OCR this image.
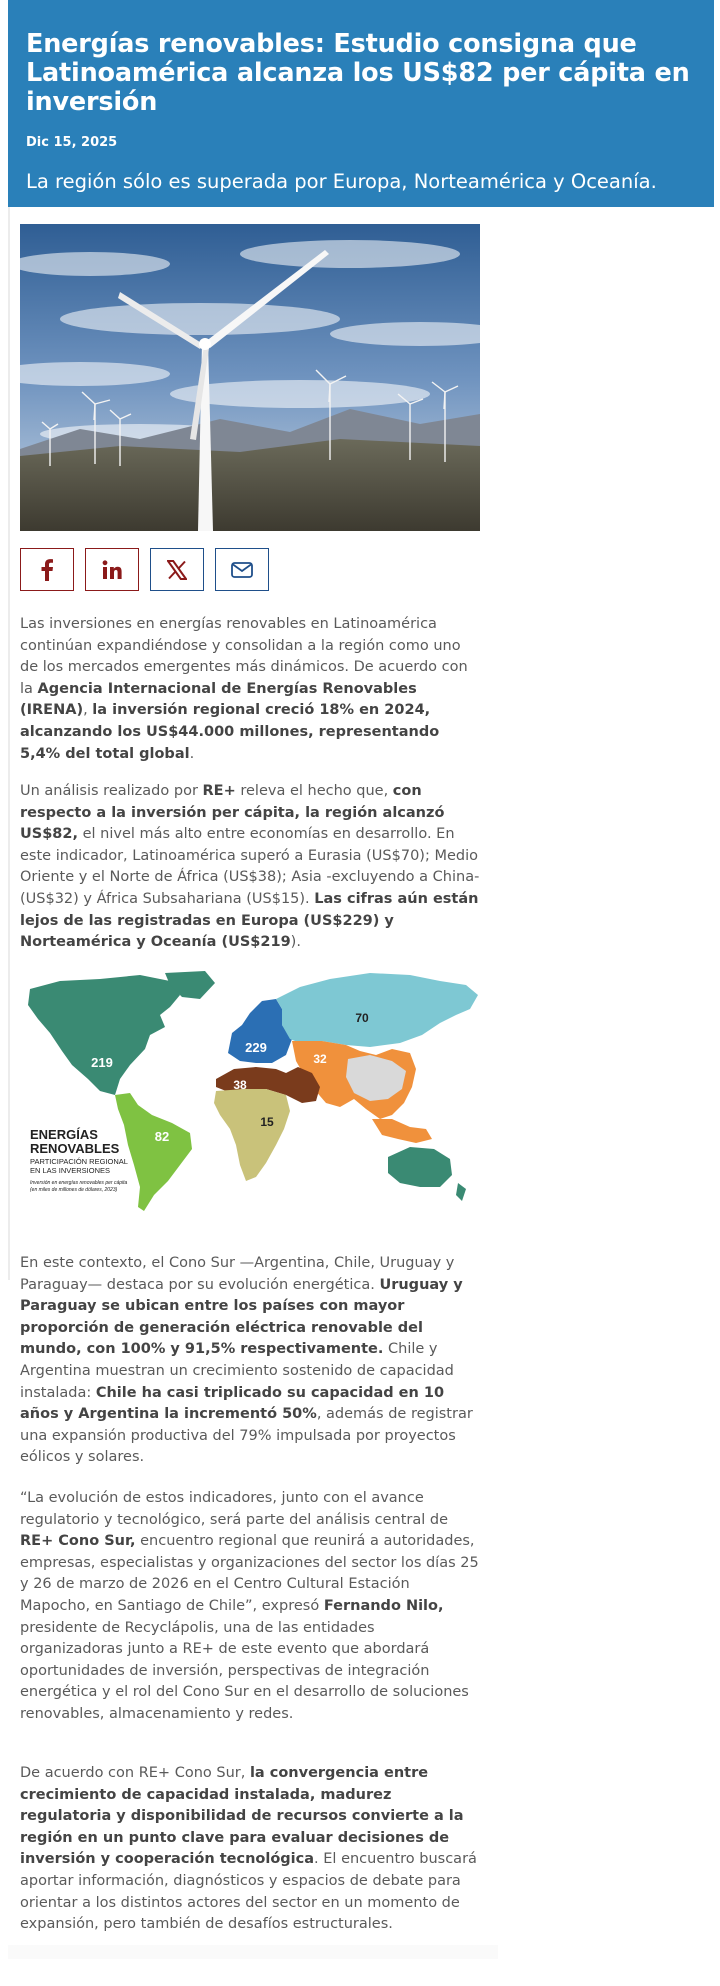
Energías renovables: Estudio consigna que Latinoamérica alcanza los US$82 per cápita en inversión
Dic 15, 2025
La región sólo es superada por Europa, Norteamérica y Oceanía.

Las inversiones en energías renovables en Latinoamérica continúan expandiéndose y consolidan a la región como uno de los mercados emergentes más dinámicos. De acuerdo con la Agencia Internacional de Energías Renovables (IRENA), la inversión regional creció 18% en 2024, alcanzando los US$44.000 millones, representando 5,4% del total global.

Un análisis realizado por RE+ releva el hecho que, con respecto a la inversión per cápita, la región alcanzó US$82, el nivel más alto entre economías en desarrollo. En este indicador, Latinoamérica superó a Eurasia (US$70); Medio Oriente y el Norte de África (US$38); Asia -excluyendo a China- (US$32) y África Subsahariana (US$15). Las cifras aún están lejos de las registradas en Europa (US$229) y Norteamérica y Oceanía (US$219).

219
82
229
70
32
38
15
ENERGÍAS
RENOVABLES
PARTICIPACIÓN REGIONAL
EN LAS INVERSIONES
Inversión en energías renovables per cápita
(en miles de millones de dólares, 2023)

En este contexto, el Cono Sur —Argentina, Chile, Uruguay y Paraguay— destaca por su evolución energética. Uruguay y Paraguay se ubican entre los países con mayor proporción de generación eléctrica renovable del mundo, con 100% y 91,5% respectivamente. Chile y Argentina muestran un crecimiento sostenido de capacidad instalada: Chile ha casi triplicado su capacidad en 10 años y Argentina la incrementó 50%, además de registrar una expansión productiva del 79% impulsada por proyectos eólicos y solares.

“La evolución de estos indicadores, junto con el avance regulatorio y tecnológico, será parte del análisis central de RE+ Cono Sur, encuentro regional que reunirá a autoridades, empresas, especialistas y organizaciones del sector los días 25 y 26 de marzo de 2026 en el Centro Cultural Estación Mapocho, en Santiago de Chile”, expresó Fernando Nilo, presidente de Recyclápolis, una de las entidades organizadoras junto a RE+ de este evento que abordará oportunidades de inversión, perspectivas de integración energética y el rol del Cono Sur en el desarrollo de soluciones renovables, almacenamiento y redes.

De acuerdo con RE+ Cono Sur, la convergencia entre crecimiento de capacidad instalada, madurez regulatoria y disponibilidad de recursos convierte a la región en un punto clave para evaluar decisiones de inversión y cooperación tecnológica. El encuentro buscará aportar información, diagnósticos y espacios de debate para orientar a los distintos actores del sector en un momento de expansión, pero también de desafíos estructurales.
